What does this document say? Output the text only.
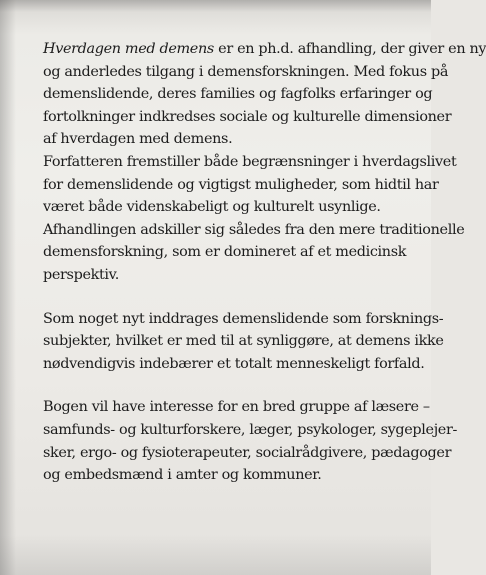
Hverdagen med demens er en ph.d. afhandling, der giver en ny
og anderledes tilgang i demensforskningen. Med fokus på
demenslidende, deres families og fagfolks erfaringer og
fortolkninger indkredses sociale og kulturelle dimensioner
af hverdagen med demens.
Forfatteren fremstiller både begrænsninger i hverdagslivet
for demenslidende og vigtigst muligheder, som hidtil har
været både videnskabeligt og kulturelt usynlige.
Afhandlingen adskiller sig således fra den mere traditionelle
demensforskning, som er domineret af et medicinsk
perspektiv.

Som noget nyt inddrages demenslidende som forsknings-
subjekter, hvilket er med til at synliggøre, at demens ikke
nødvendigvis indebærer et totalt menneskeligt forfald.

Bogen vil have interesse for en bred gruppe af læsere –
samfunds- og kulturforskere, læger, psykologer, sygeplejer-
sker, ergo- og fysioterapeuter, socialrådgivere, pædagoger
og embedsmænd i amter og kommuner.
